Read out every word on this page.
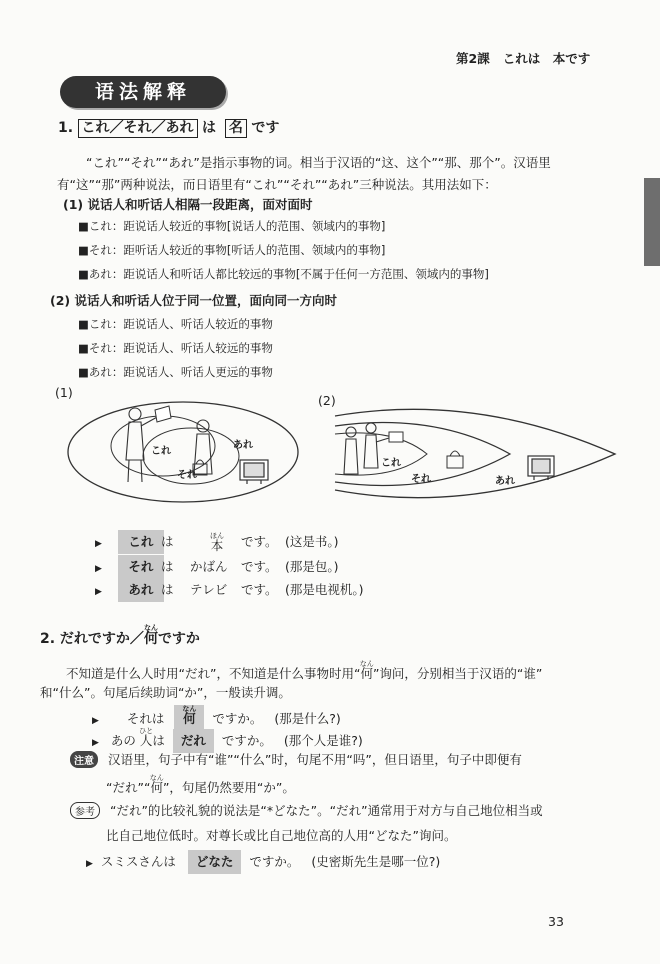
第2課 これは　本です
语法解释
1. これ／それ／あれ は 名 です
“これ”“それ”“あれ”是指示事物的词。相当于汉语的“这、这个”“那、那个”。汉语里
有“这”“那”两种说法，而日语里有“これ”“それ”“あれ”三种说法。其用法如下：
(1) 说话人和听话人相隔一段距离，面对面时
■これ：距说话人较近的事物[说话人的范围、领域内的事物]
■それ：距听话人较近的事物[听话人的范围、领域内的事物]
■あれ：距说话人和听话人都比较远的事物[不属于任何一方范围、领域内的事物]
(2) 说话人和听话人位于同一位置，面向同一方向时
■これ：距说话人、听话人较近的事物
■それ：距说话人、听话人较远的事物
■あれ：距说话人、听话人更远的事物
(1)
(2)
これ
それ
あれ
これ
それ	あれ
▶ これ は	本ほん です。 (这是书。)
▶ それ は かばん です。 (那是包。)
▶ あれ は テレビ です。 (那是电视机。)
2. だれですか／何なんですか
不知道是什么人时用“だれ”，不知道是什么事物时用“何なん”询问，分别相当于汉语的“谁”
和“什么”。句尾后续助词“か”，一般读升调。
▶ それは 何なん ですか。 (那是什么?)
▶ あの 人ひとは だれ ですか。 (那个人是谁?)
注意 汉语里，句子中有“谁”“什么”时，句尾不用“吗”，但日语里，句子中即便有
“だれ”“何なん”，句尾仍然要用“か”。
参考 “だれ”的比较礼貌的说法是“*どなた”。“だれ”通常用于对方与自己地位相当或
比自己地位低时。对尊长或比自己地位高的人用“どなた”询问。
▶ スミスさんは どなた ですか。 (史密斯先生是哪一位?)
33
